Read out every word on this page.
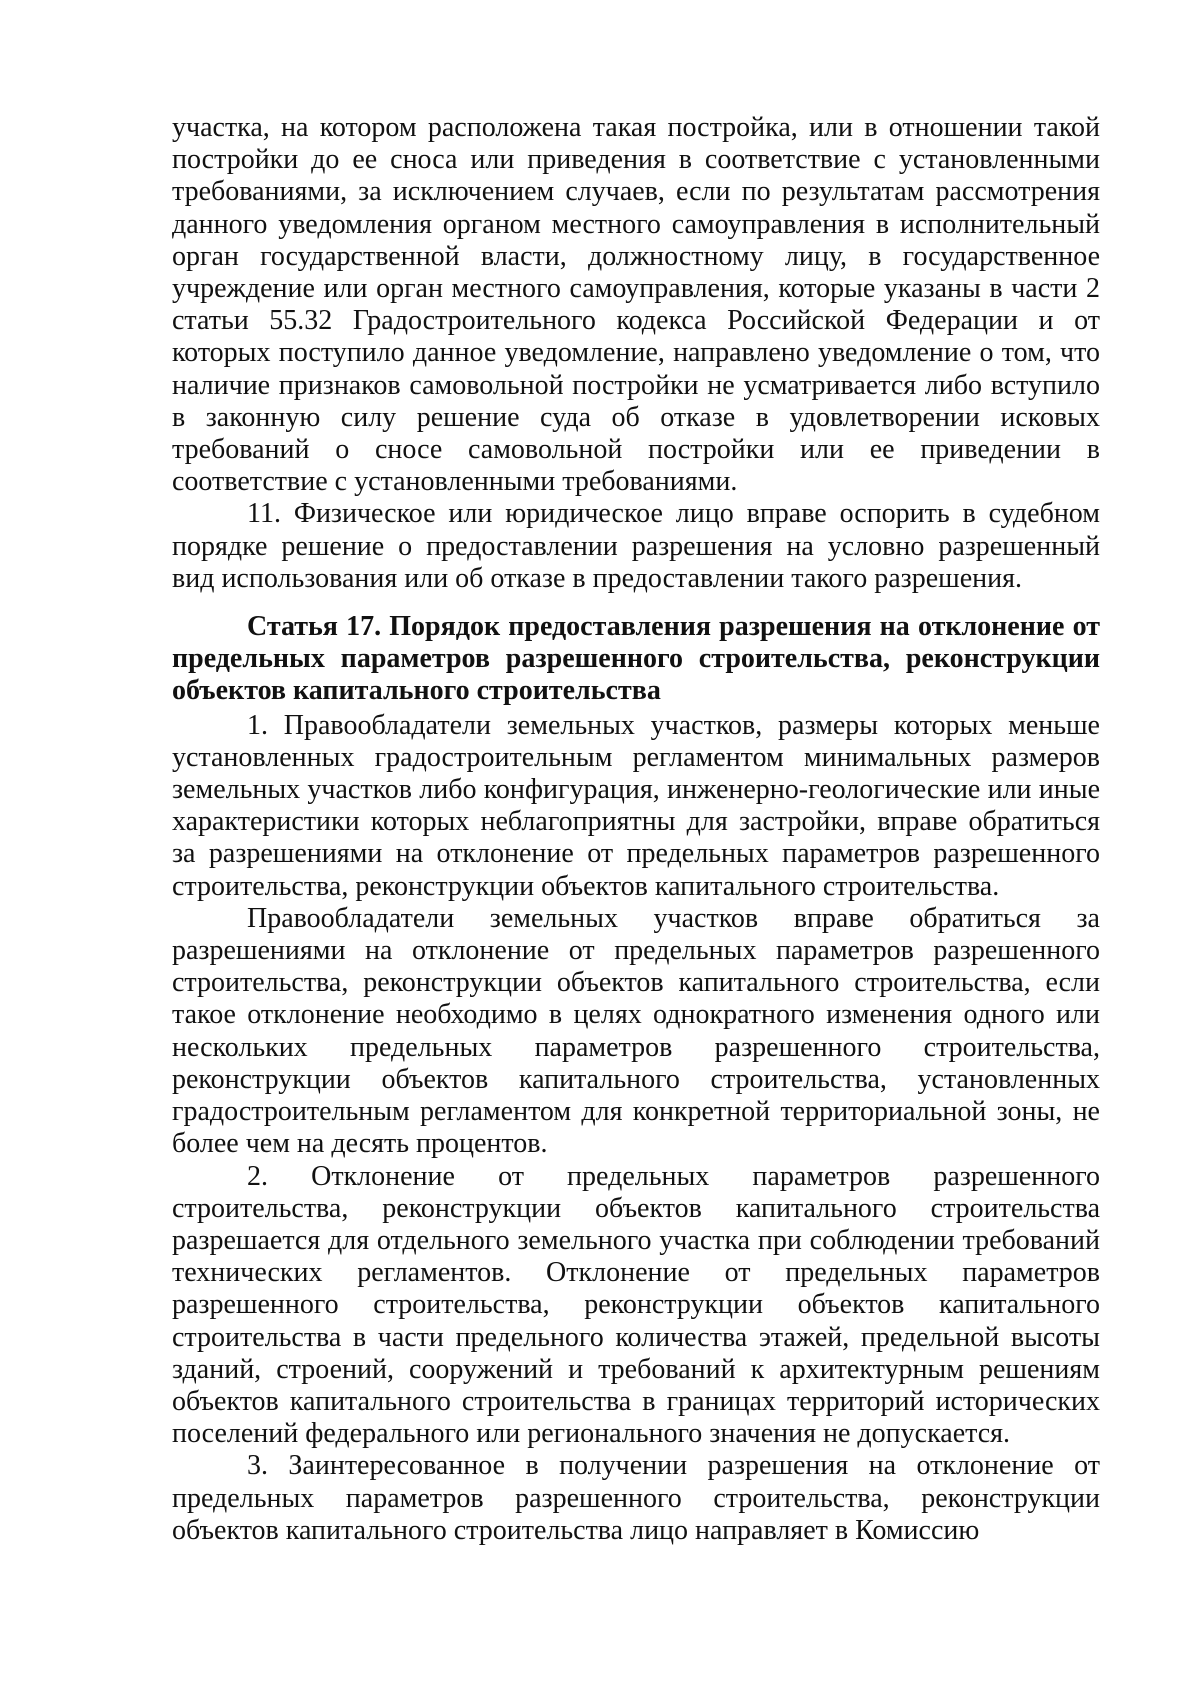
участка, на котором расположена такая постройка, или в отношении такой постройки до ее сноса или приведения в соответствие с установленными требованиями, за исключением случаев, если по результатам рассмотрения данного уведомления органом местного самоуправления в исполнительный орган государственной власти, должностному лицу, в государственное учреждение или орган местного самоуправления, которые указаны в части 2 статьи 55.32 Градостроительного кодекса Российской Федерации и от которых поступило данное уведомление, направлено уведомление о том, что наличие признаков самовольной постройки не усматривается либо вступило в законную силу решение суда об отказе в удовлетворении исковых требований о сносе самовольной постройки или ее приведении в соответствие с установленными требованиями.

11. Физическое или юридическое лицо вправе оспорить в судебном порядке решение о предоставлении разрешения на условно разрешенный вид использования или об отказе в предоставлении такого разрешения.

Статья 17. Порядок предоставления разрешения на отклонение от предельных параметров разрешенного строительства, реконструкции объектов капитального строительства

1. Правообладатели земельных участков, размеры которых меньше установленных градостроительным регламентом минимальных размеров земельных участков либо конфигурация, инженерно-геологические или иные характеристики которых неблагоприятны для застройки, вправе обратиться за разрешениями на отклонение от предельных параметров разрешенного строительства, реконструкции объектов капитального строительства.

Правообладатели земельных участков вправе обратиться за разрешениями на отклонение от предельных параметров разрешенного строительства, реконструкции объектов капитального строительства, если такое отклонение необходимо в целях однократного изменения одного или нескольких предельных параметров разрешенного строительства, реконструкции объектов капитального строительства, установленных градостроительным регламентом для конкретной территориальной зоны, не более чем на десять процентов.

2. Отклонение от предельных параметров разрешенного строительства, реконструкции объектов капитального строительства разрешается для отдельного земельного участка при соблюдении требований технических регламентов. Отклонение от предельных параметров разрешенного строительства, реконструкции объектов капитального строительства в части предельного количества этажей, предельной высоты зданий, строений, сооружений и требований к архитектурным решениям объектов капитального строительства в границах территорий исторических поселений федерального или регионального значения не допускается.

3. Заинтересованное в получении разрешения на отклонение от предельных параметров разрешенного строительства, реконструкции объектов капитального строительства лицо направляет в Комиссию
